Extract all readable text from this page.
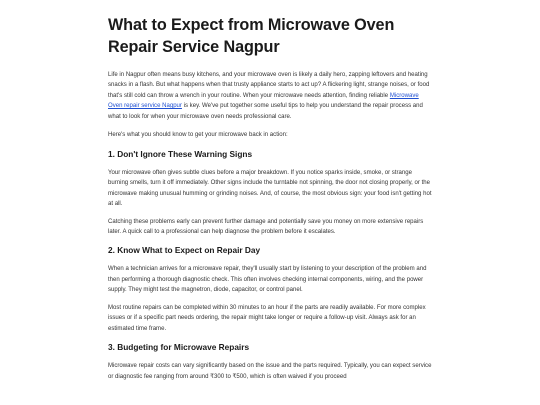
What to Expect from Microwave Oven Repair Service Nagpur

Life in Nagpur often means busy kitchens, and your microwave oven is likely a daily hero, zapping leftovers and heating snacks in a flash. But what happens when that trusty appliance starts to act up? A flickering light, strange noises, or food that's still cold can throw a wrench in your routine. When your microwave needs attention, finding reliable Microwave Oven repair service Nagpur is key. We've put together some useful tips to help you understand the repair process and what to look for when your microwave oven needs professional care.

Here's what you should know to get your microwave back in action:

1. Don't Ignore These Warning Signs

Your microwave often gives subtle clues before a major breakdown. If you notice sparks inside, smoke, or strange burning smells, turn it off immediately. Other signs include the turntable not spinning, the door not closing properly, or the microwave making unusual humming or grinding noises. And, of course, the most obvious sign: your food isn't getting hot at all.

Catching these problems early can prevent further damage and potentially save you money on more extensive repairs later. A quick call to a professional can help diagnose the problem before it escalates.

2. Know What to Expect on Repair Day

When a technician arrives for a microwave repair, they'll usually start by listening to your description of the problem and then performing a thorough diagnostic check. This often involves checking internal components, wiring, and the power supply. They might test the magnetron, diode, capacitor, or control panel.

Most routine repairs can be completed within 30 minutes to an hour if the parts are readily available. For more complex issues or if a specific part needs ordering, the repair might take longer or require a follow-up visit. Always ask for an estimated time frame.

3. Budgeting for Microwave Repairs

Microwave repair costs can vary significantly based on the issue and the parts required. Typically, you can expect service or diagnostic fee ranging from around ₹300 to ₹500, which is often waived if you proceed
